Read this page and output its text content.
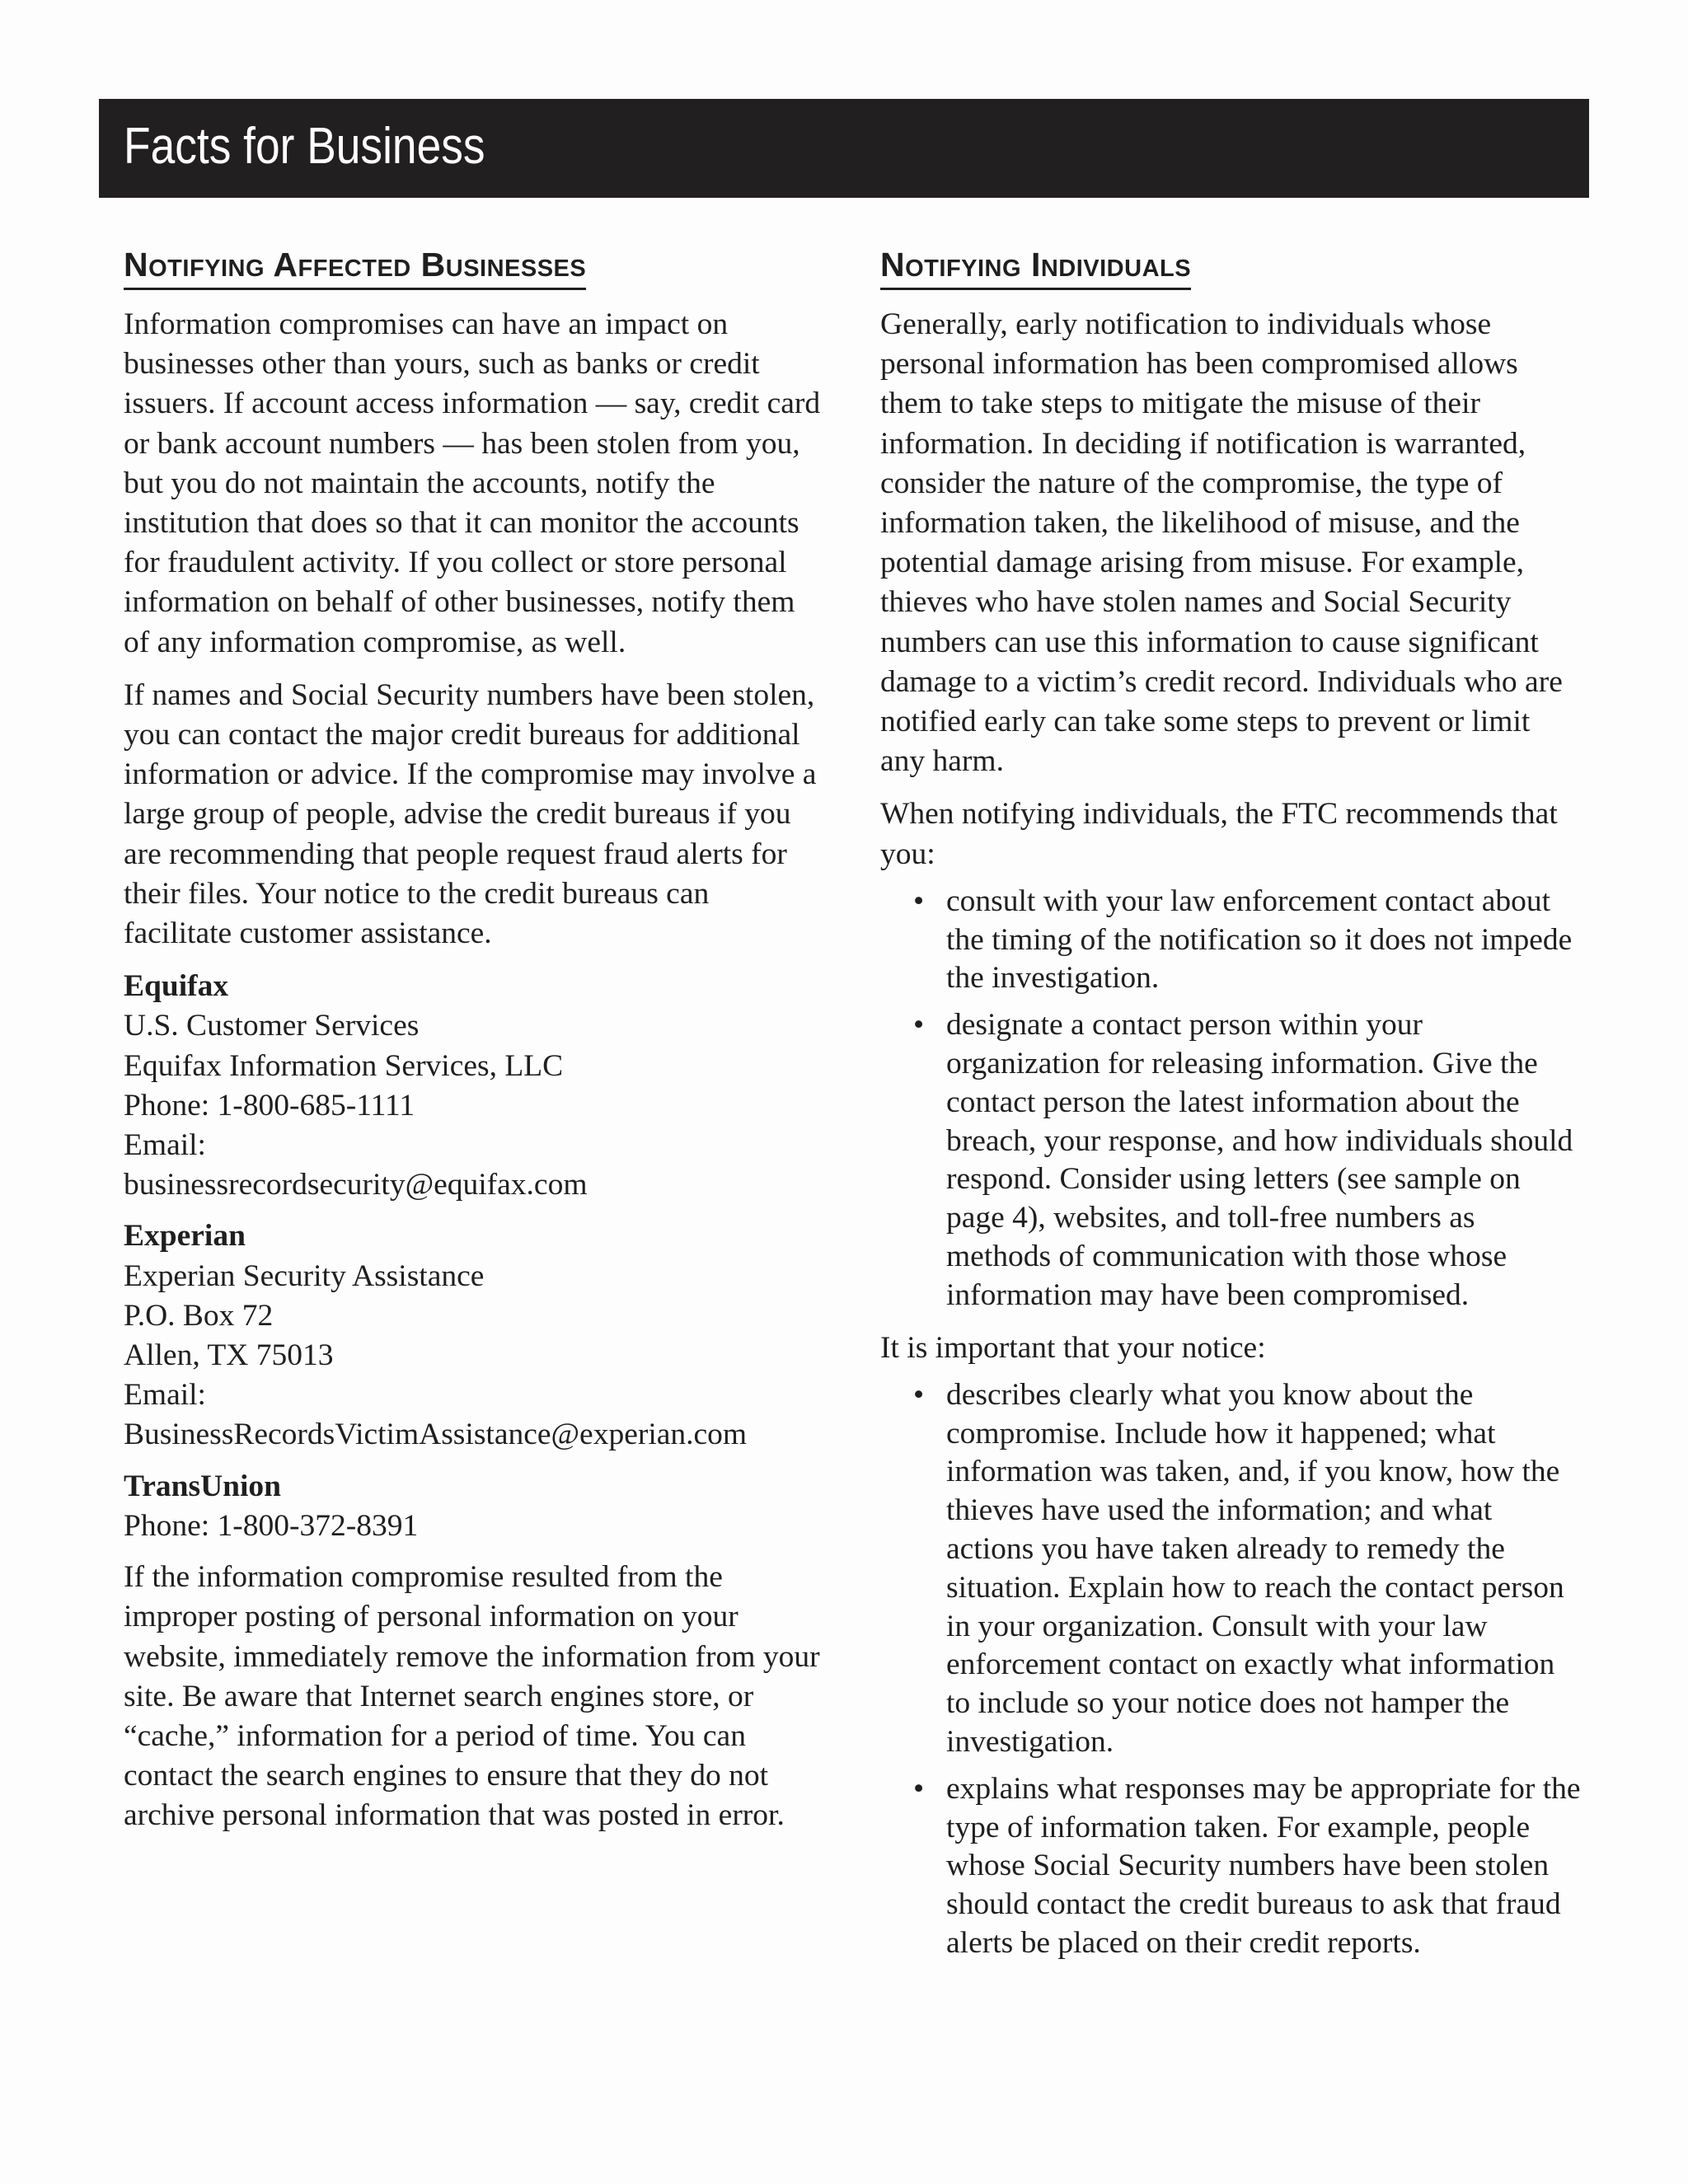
Facts for Business
Notifying Affected Businesses

Information compromises can have an impact on businesses other than yours, such as banks or credit issuers. If account access information — say, credit card or bank account numbers — has been stolen from you, but you do not maintain the accounts, notify the institution that does so that it can monitor the accounts for fraudulent activity. If you collect or store personal information on behalf of other businesses, notify them of any information compromise, as well.

If names and Social Security numbers have been stolen, you can contact the major credit bureaus for additional information or advice. If the compromise may involve a large group of people, advise the credit bureaus if you are recommending that people request fraud alerts for their files. Your notice to the credit bureaus can facilitate customer assistance.

Equifax
U.S. Customer Services
Equifax Information Services, LLC
Phone: 1-800-685-1111
Email:
businessrecordsecurity@equifax.com
Experian
Experian Security Assistance
P.O. Box 72
Allen, TX 75013
Email:
BusinessRecordsVictimAssistance@experian.com
TransUnion
Phone: 1-800-372-8391

If the information compromise resulted from the improper posting of personal information on your website, immediately remove the information from your site. Be aware that Internet search engines store, or “cache,” information for a period of time. You can contact the search engines to ensure that they do not archive personal information that was posted in error.

Notifying Individuals

Generally, early notification to individuals whose personal information has been compromised allows them to take steps to mitigate the misuse of their information. In deciding if notification is warranted, consider the nature of the compromise, the type of information taken, the likelihood of misuse, and the potential damage arising from misuse. For example, thieves who have stolen names and Social Security numbers can use this information to cause significant damage to a victim’s credit record. Individuals who are notified early can take some steps to prevent or limit any harm.

When notifying individuals, the FTC recommends that you:

• consult with your law enforcement contact about the timing of the notification so it does not impede the investigation.
• designate a contact person within your organization for releasing information. Give the contact person the latest information about the breach, your response, and how individuals should respond. Consider using letters (see sample on page 4), websites, and toll-free numbers as methods of communication with those whose information may have been compromised.

It is important that your notice:

• describes clearly what you know about the compromise. Include how it happened; what information was taken, and, if you know, how the thieves have used the information; and what actions you have taken already to remedy the situation. Explain how to reach the contact person in your organization. Consult with your law enforcement contact on exactly what information to include so your notice does not hamper the investigation.
• explains what responses may be appropriate for the type of information taken. For example, people whose Social Security numbers have been stolen should contact the credit bureaus to ask that fraud alerts be placed on their credit reports.
